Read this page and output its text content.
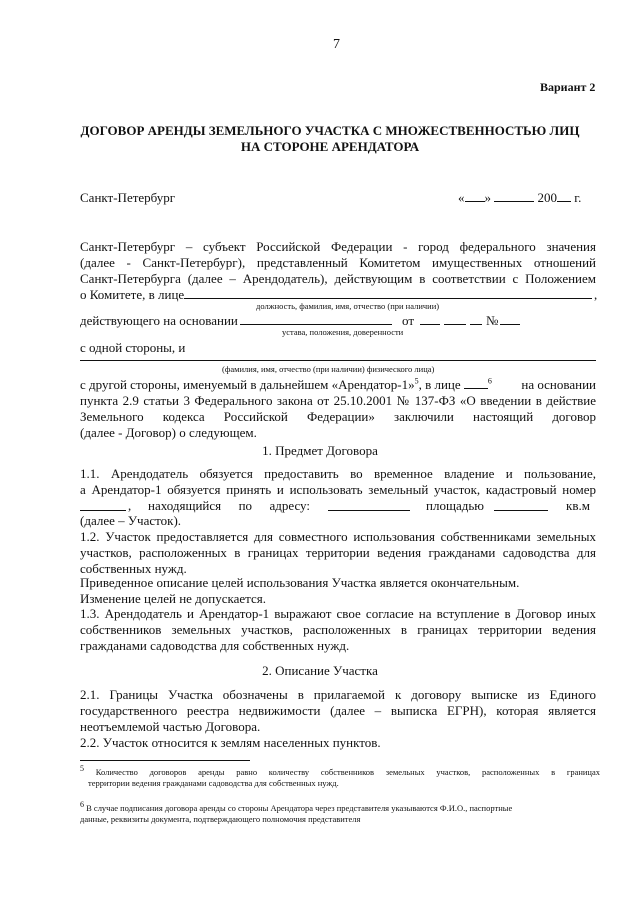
7
Вариант 2
ДОГОВОР АРЕНДЫ ЗЕМЕЛЬНОГО УЧАСТКА С МНОЖЕСТВЕННОСТЬЮ ЛИЦ
НА СТОРОНЕ АРЕНДАТОРА
Санкт-Петербург	« »	200 г.
Санкт-Петербург – субъект Российской Федерации - город федерального значения
(далее - Санкт-Петербург), представленный Комитетом имущественных отношений
Санкт-Петербурга (далее – Арендодатель), действующим в соответствии с Положением
о Комитете, в лице	,
должность, фамилия, имя, отчество (при наличии)
действующего на основании	от	№
устава, положения, доверенности
с одной стороны, и
(фамилия, имя, отчество (при наличии) физического лица)
с другой стороны, именуемый в дальнейшем «Арендатор-1»$^5$, в лице	$^6$ на основании
пункта 2.9 статьи 3 Федерального закона от 25.10.2001 № 137-ФЗ «О введении в действие
Земельного кодекса Российской Федерации» заключили настоящий договор
(далее - Договор) о следующем.
1. Предмет Договора
1.1. Арендодатель обязуется предоставить во временное владение и пользование,
а Арендатор-1 обязуется принять и использовать земельный участок, кадастровый номер
, находящийся по адресу:	площадью	кв.м
(далее – Участок).
1.2. Участок предоставляется для совместного использования собственниками земельных
участков, расположенных в границах территории ведения гражданами садоводства для
собственных нужд.
Приведенное описание целей использования Участка является окончательным.
Изменение целей не допускается.
1.3. Арендодатель и Арендатор-1 выражают свое согласие на вступление в Договор иных
собственников земельных участков, расположенных в границах территории ведения
гражданами садоводства для собственных нужд.
2. Описание Участка
2.1. Границы Участка обозначены в прилагаемой к договору выписке из Единого
государственного реестра недвижимости (далее – выписка ЕГРН), которая является
неотъемлемой частью Договора.
2.2. Участок относится к землям населенных пунктов.
$^5$ Количество договоров аренды равно количеству собственников земельных участков, расположенных в границах
территории ведения гражданами садоводства для собственных нужд.
$^6$ В случае подписания договора аренды со стороны Арендатора через представителя указываются Ф.И.О., паспортные
данные, реквизиты документа, подтверждающего полномочия представителя
